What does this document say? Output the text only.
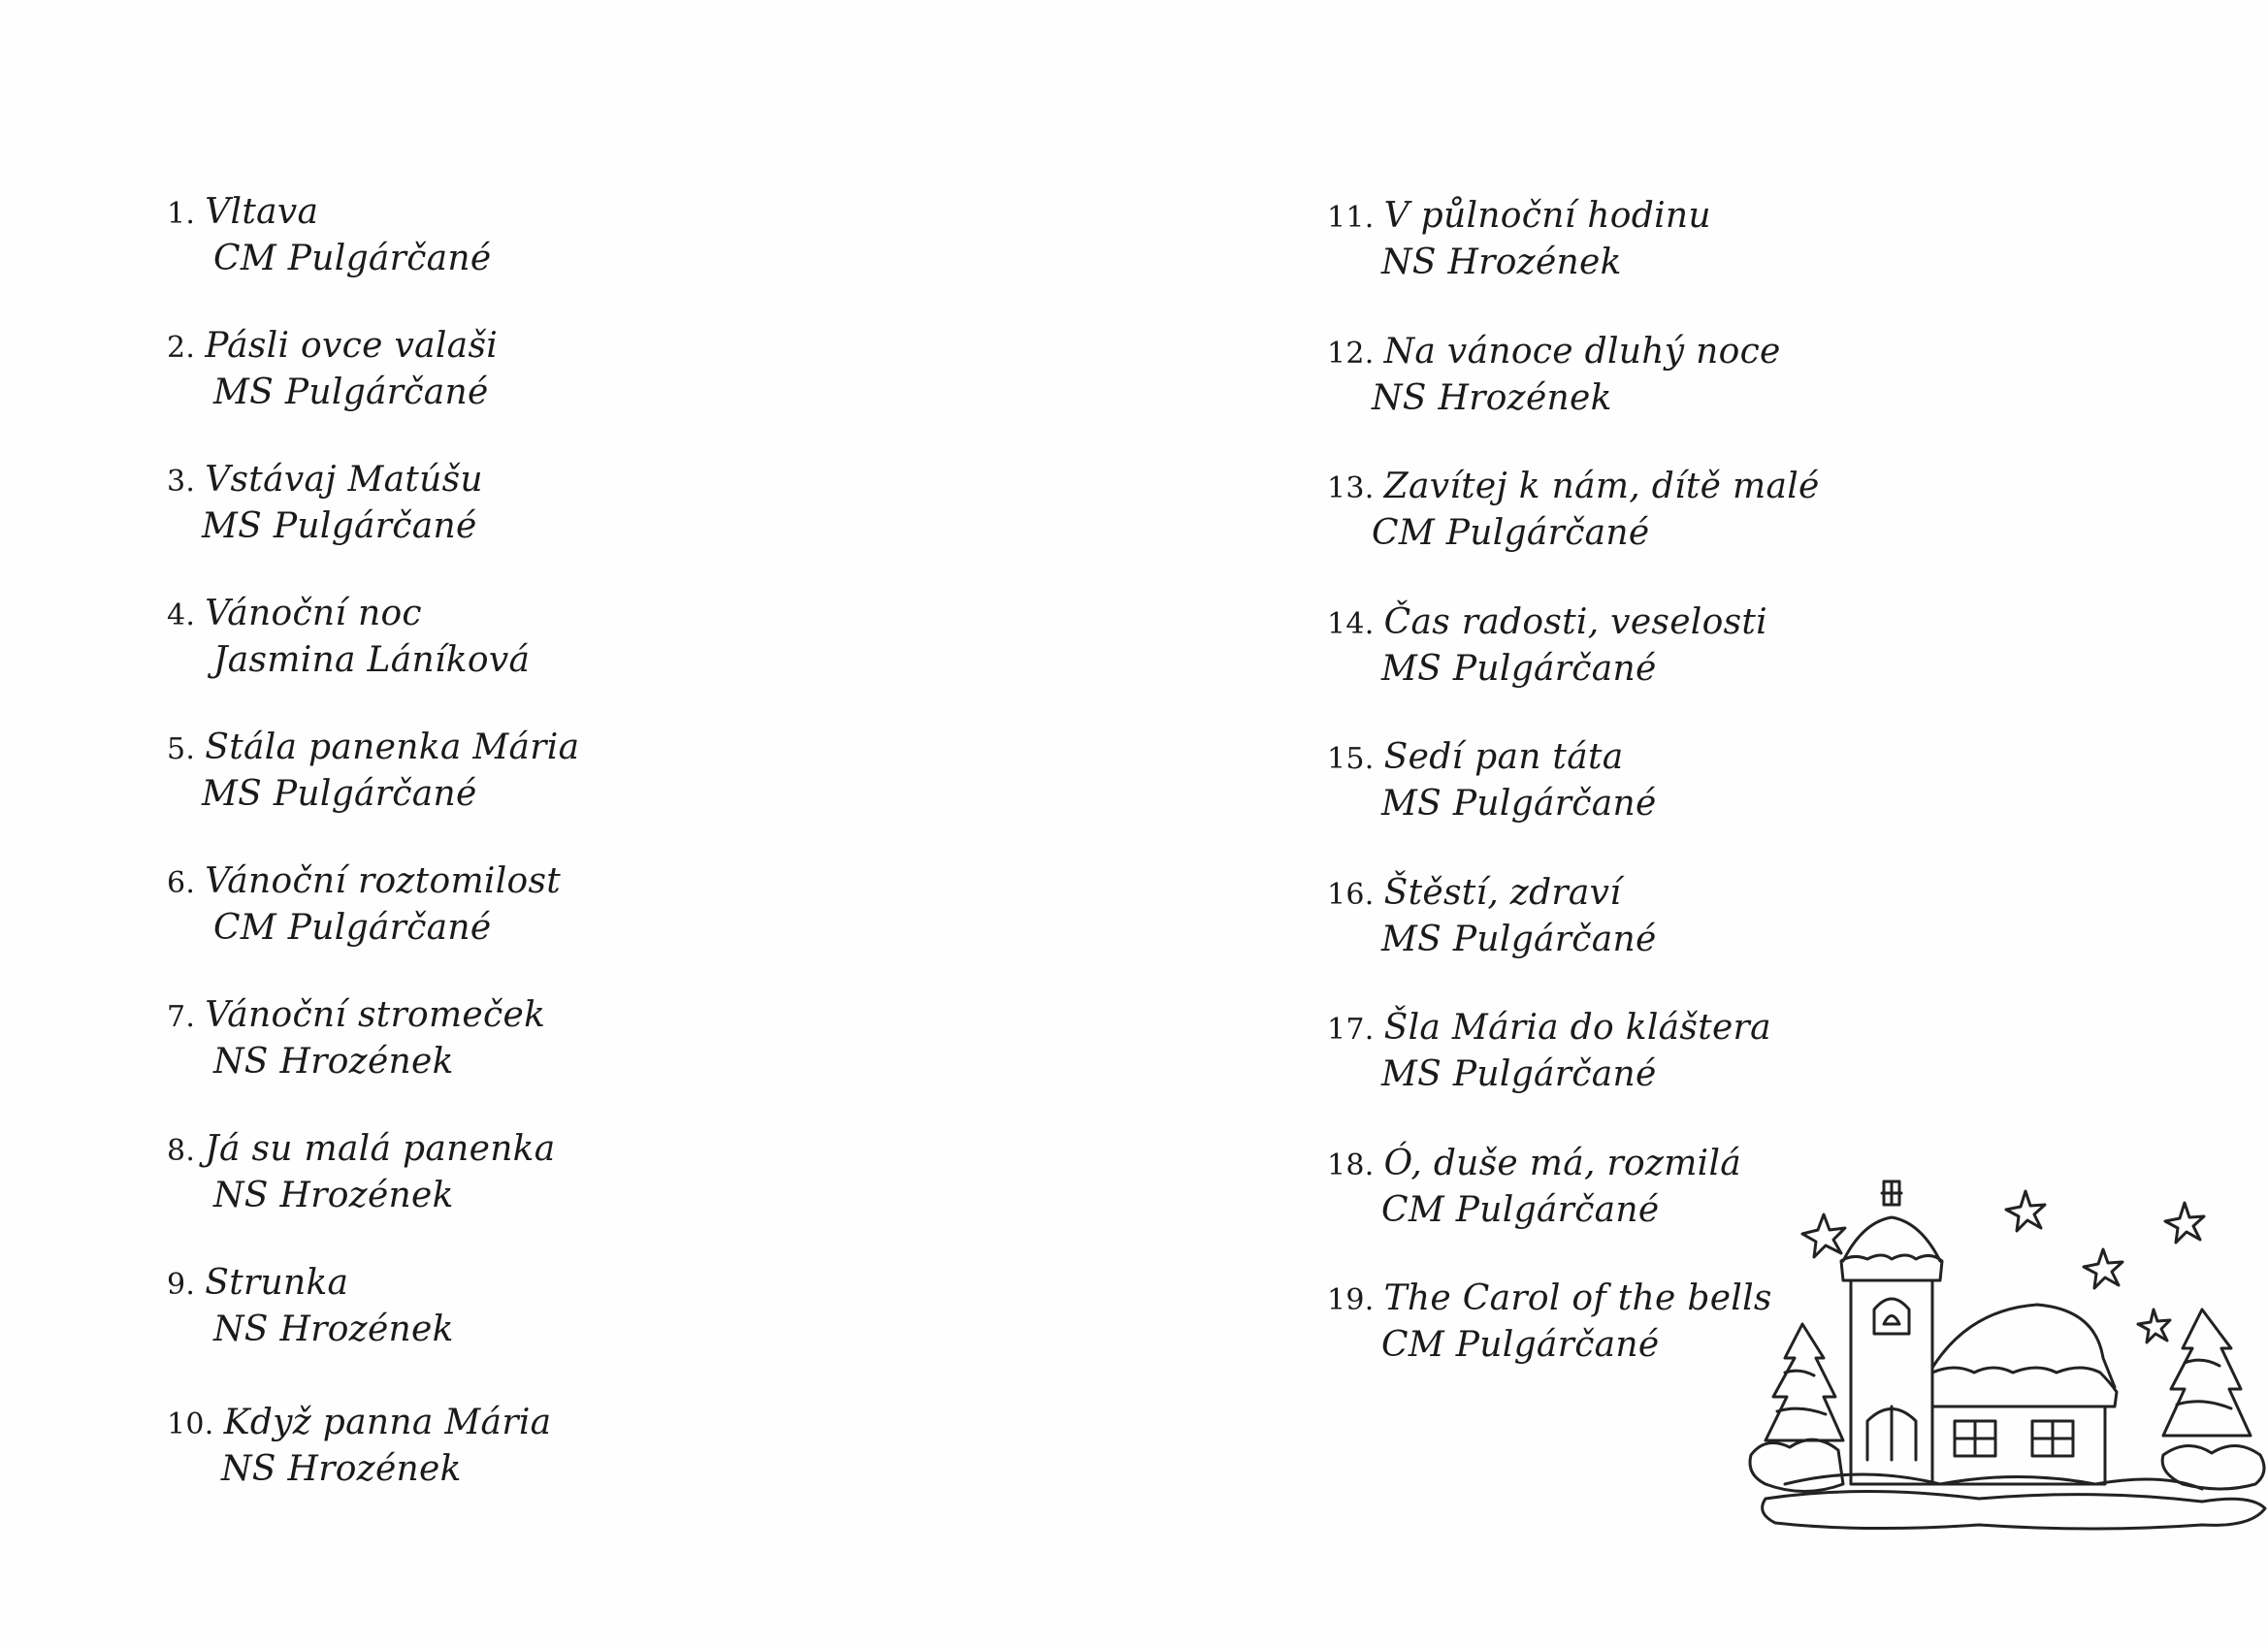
1. Vltava
CM Pulgárčané
2. Pásli ovce valaši
MS Pulgárčané
3. Vstávaj Matúšu
MS Pulgárčané
4. Vánoční noc
Jasmina Láníková
5. Stála panenka Mária
MS Pulgárčané
6. Vánoční roztomilost
CM Pulgárčané
7. Vánoční stromeček
NS Hrozének
8. Já su malá panenka
NS Hrozének
9. Strunka
NS Hrozének
10. Když panna Mária
NS Hrozének
11. V půlnoční hodinu
NS Hrozének
12. Na vánoce dluhý noce
NS Hrozének
13. Zavítej k nám, dítě malé
CM Pulgárčané
14. Čas radosti, veselosti
MS Pulgárčané
15. Sedí pan táta
MS Pulgárčané
16. Štěstí, zdraví
MS Pulgárčané
17. Šla Mária do kláštera
MS Pulgárčané
18. Ó, duše má, rozmilá
CM Pulgárčané
19. The Carol of the bells
CM Pulgárčané
